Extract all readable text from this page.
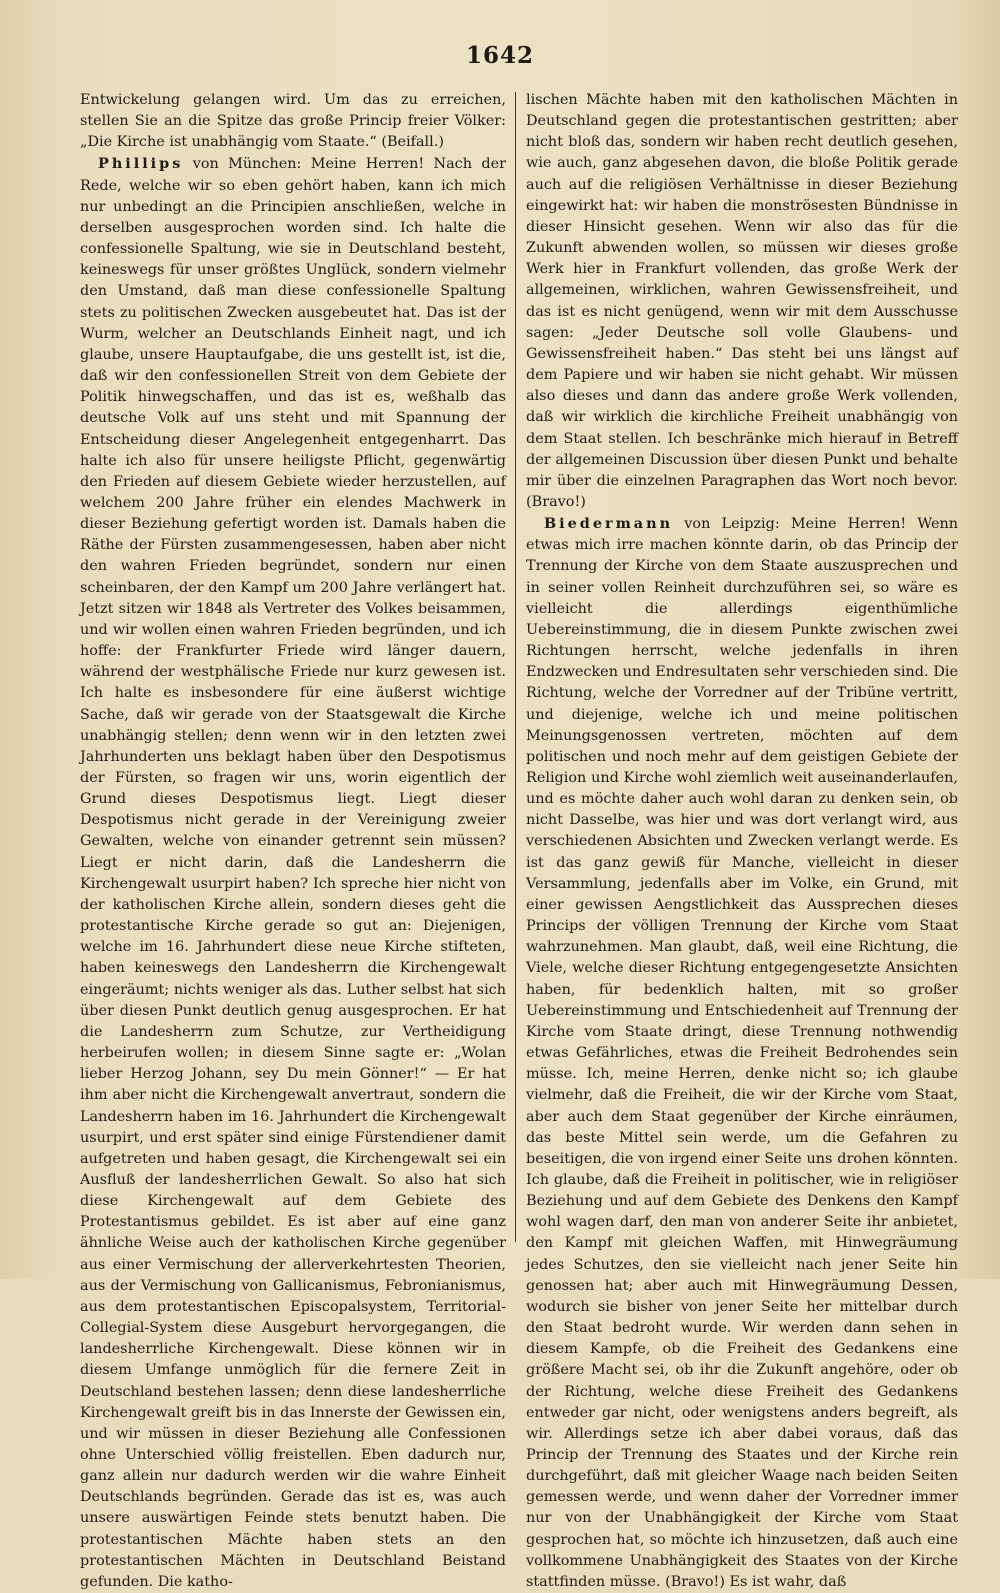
1642

Entwickelung gelangen wird. Um das zu erreichen, stellen Sie an die Spitze das große Princip freier Völker: „Die Kirche ist unabhängig vom Staate.“ (Beifall.)

Phillips von München: Meine Herren! Nach der Rede, welche wir so eben gehört haben, kann ich mich nur unbedingt an die Principien anschließen, welche in derselben ausgesprochen worden sind. Ich halte die confessionelle Spaltung, wie sie in Deutschland besteht, keineswegs für unser größtes Unglück, sondern vielmehr den Umstand, daß man diese confessionelle Spaltung stets zu politischen Zwecken ausgebeutet hat. Das ist der Wurm, welcher an Deutschlands Einheit nagt, und ich glaube, unsere Hauptaufgabe, die uns gestellt ist, ist die, daß wir den confessionellen Streit von dem Gebiete der Politik hinwegschaffen, und das ist es, weßhalb das deutsche Volk auf uns steht und mit Spannung der Entscheidung dieser Angelegenheit entgegenharrt. Das halte ich also für unsere heiligste Pflicht, gegenwärtig den Frieden auf diesem Gebiete wieder herzustellen, auf welchem 200 Jahre früher ein elendes Machwerk in dieser Beziehung gefertigt worden ist. Damals haben die Räthe der Fürsten zusammengesessen, haben aber nicht den wahren Frieden begründet, sondern nur einen scheinbaren, der den Kampf um 200 Jahre verlängert hat. Jetzt sitzen wir 1848 als Vertreter des Volkes beisammen, und wir wollen einen wahren Frieden begründen, und ich hoffe: der Frankfurter Friede wird länger dauern, während der westphälische Friede nur kurz gewesen ist. Ich halte es insbesondere für eine äußerst wichtige Sache, daß wir gerade von der Staatsgewalt die Kirche unabhängig stellen; denn wenn wir in den letzten zwei Jahrhunderten uns beklagt haben über den Despotismus der Fürsten, so fragen wir uns, worin eigentlich der Grund dieses Despotismus liegt. Liegt dieser Despotismus nicht gerade in der Vereinigung zweier Gewalten, welche von einander getrennt sein müssen? Liegt er nicht darin, daß die Landesherrn die Kirchengewalt usurpirt haben? Ich spreche hier nicht von der katholischen Kirche allein, sondern dieses geht die protestantische Kirche gerade so gut an: Diejenigen, welche im 16. Jahrhundert diese neue Kirche stifteten, haben keineswegs den Landesherrn die Kirchengewalt eingeräumt; nichts weniger als das. Luther selbst hat sich über diesen Punkt deutlich genug ausgesprochen. Er hat die Landesherrn zum Schutze, zur Vertheidigung herbeirufen wollen; in diesem Sinne sagte er: „Wolan lieber Herzog Johann, sey Du mein Gönner!“ — Er hat ihm aber nicht die Kirchengewalt anvertraut, sondern die Landesherrn haben im 16. Jahrhundert die Kirchengewalt usurpirt, und erst später sind einige Fürstendiener damit aufgetreten und haben gesagt, die Kirchengewalt sei ein Ausfluß der landesherrlichen Gewalt. So also hat sich diese Kirchengewalt auf dem Gebiete des Protestantismus gebildet. Es ist aber auf eine ganz ähnliche Weise auch der katholischen Kirche gegenüber aus einer Vermischung der allerverkehrtesten Theorien, aus der Vermischung von Gallicanismus, Febronianismus, aus dem protestantischen Episcopalsystem, Territorial-Collegial-System diese Ausgeburt hervorgegangen, die landesherrliche Kirchengewalt. Diese können wir in diesem Umfange unmöglich für die fernere Zeit in Deutschland bestehen lassen; denn diese landesherrliche Kirchengewalt greift bis in das Innerste der Gewissen ein, und wir müssen in dieser Beziehung alle Confessionen ohne Unterschied völlig freistellen. Eben dadurch nur, ganz allein nur dadurch werden wir die wahre Einheit Deutschlands begründen. Gerade das ist es, was auch unsere auswärtigen Feinde stets benutzt haben. Die protestantischen Mächte haben stets an den protestantischen Mächten in Deutschland Beistand gefunden. Die katho-

lischen Mächte haben mit den katholischen Mächten in Deutschland gegen die protestantischen gestritten; aber nicht bloß das, sondern wir haben recht deutlich gesehen, wie auch, ganz abgesehen davon, die bloße Politik gerade auch auf die religiösen Verhältnisse in dieser Beziehung eingewirkt hat: wir haben die monströsesten Bündnisse in dieser Hinsicht gesehen. Wenn wir also das für die Zukunft abwenden wollen, so müssen wir dieses große Werk hier in Frankfurt vollenden, das große Werk der allgemeinen, wirklichen, wahren Gewissensfreiheit, und das ist es nicht genügend, wenn wir mit dem Ausschusse sagen: „Jeder Deutsche soll volle Glaubens- und Gewissensfreiheit haben.“ Das steht bei uns längst auf dem Papiere und wir haben sie nicht gehabt. Wir müssen also dieses und dann das andere große Werk vollenden, daß wir wirklich die kirchliche Freiheit unabhängig von dem Staat stellen. Ich beschränke mich hierauf in Betreff der allgemeinen Discussion über diesen Punkt und behalte mir über die einzelnen Paragraphen das Wort noch bevor. (Bravo!)

Biedermann von Leipzig: Meine Herren! Wenn etwas mich irre machen könnte darin, ob das Princip der Trennung der Kirche von dem Staate auszusprechen und in seiner vollen Reinheit durchzuführen sei, so wäre es vielleicht die allerdings eigenthümliche Uebereinstimmung, die in diesem Punkte zwischen zwei Richtungen herrscht, welche jedenfalls in ihren Endzwecken und Endresultaten sehr verschieden sind. Die Richtung, welche der Vorredner auf der Tribüne vertritt, und diejenige, welche ich und meine politischen Meinungsgenossen vertreten, möchten auf dem politischen und noch mehr auf dem geistigen Gebiete der Religion und Kirche wohl ziemlich weit auseinanderlaufen, und es möchte daher auch wohl daran zu denken sein, ob nicht Dasselbe, was hier und was dort verlangt wird, aus verschiedenen Absichten und Zwecken verlangt werde. Es ist das ganz gewiß für Manche, vielleicht in dieser Versammlung, jedenfalls aber im Volke, ein Grund, mit einer gewissen Aengstlichkeit das Aussprechen dieses Princips der völligen Trennung der Kirche vom Staat wahrzunehmen. Man glaubt, daß, weil eine Richtung, die Viele, welche dieser Richtung entgegengesetzte Ansichten haben, für bedenklich halten, mit so großer Uebereinstimmung und Entschiedenheit auf Trennung der Kirche vom Staate dringt, diese Trennung nothwendig etwas Gefährliches, etwas die Freiheit Bedrohendes sein müsse. Ich, meine Herren, denke nicht so; ich glaube vielmehr, daß die Freiheit, die wir der Kirche vom Staat, aber auch dem Staat gegenüber der Kirche einräumen, das beste Mittel sein werde, um die Gefahren zu beseitigen, die von irgend einer Seite uns drohen könnten. Ich glaube, daß die Freiheit in politischer, wie in religiöser Beziehung und auf dem Gebiete des Denkens den Kampf wohl wagen darf, den man von anderer Seite ihr anbietet, den Kampf mit gleichen Waffen, mit Hinwegräumung jedes Schutzes, den sie vielleicht nach jener Seite hin genossen hat; aber auch mit Hinwegräumung Dessen, wodurch sie bisher von jener Seite her mittelbar durch den Staat bedroht wurde. Wir werden dann sehen in diesem Kampfe, ob die Freiheit des Gedankens eine größere Macht sei, ob ihr die Zukunft angehöre, oder ob der Richtung, welche diese Freiheit des Gedankens entweder gar nicht, oder wenigstens anders begreift, als wir. Allerdings setze ich aber dabei voraus, daß das Princip der Trennung des Staates und der Kirche rein durchgeführt, daß mit gleicher Waage nach beiden Seiten gemessen werde, und wenn daher der Vorredner immer nur von der Unabhängigkeit der Kirche vom Staat gesprochen hat, so möchte ich hinzusetzen, daß auch eine vollkommene Unabhängigkeit des Staates von der Kirche stattfinden müsse. (Bravo!) Es ist wahr, daß
